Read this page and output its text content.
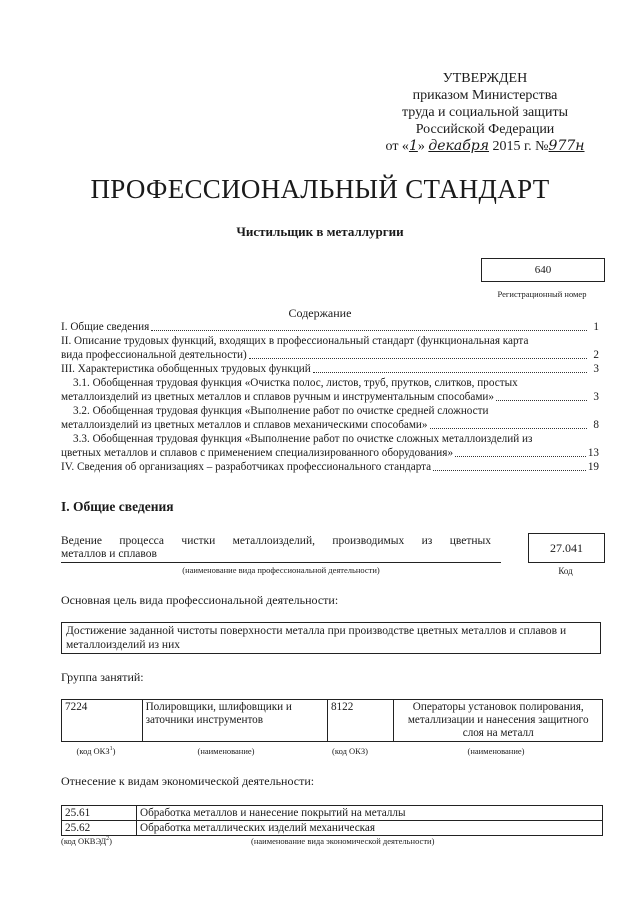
УТВЕРЖДЕН
приказом Министерства
труда и социальной защиты
Российской Федерации
от «1» декабря 2015 г. №977н
ПРОФЕССИОНАЛЬНЫЙ СТАНДАРТ
Чистильщик в металлургии
640
Регистрационный номер
Содержание
I. Общие сведения	1
II. Описание трудовых функций, входящих в профессиональный стандарт (функциональная карта
вида профессиональной деятельности)	2
III. Характеристика обобщенных трудовых функций	3
3.1. Обобщенная трудовая функция «Очистка полос, листов, труб, прутков, слитков, простых
металлоизделий из цветных металлов и сплавов ручным и инструментальным способами»	3
3.2. Обобщенная трудовая функция «Выполнение работ по очистке средней сложности
металлоизделий из цветных металлов и сплавов механическими способами»	8
3.3. Обобщенная трудовая функция «Выполнение работ по очистке сложных металлоизделий из
цветных металлов и сплавов с применением специализированного оборудования»	13
IV. Сведения об организациях – разработчиках профессионального стандарта	19
I. Общие сведения
Ведение процесса чистки металлоизделий, производимых из цветных
металлов и сплавов
(наименование вида профессиональной деятельности)
27.041
Код
Основная цель вида профессиональной деятельности:
Достижение заданной чистоты поверхности металла при производстве цветных металлов и сплавов и металлоизделий из них
Группа занятий:
7224	Полировщики, шлифовщики и заточники инструментов	8122	Операторы установок полирования, металлизации и нанесения защитного слоя на металл
(код ОКЗ$^1$)	(наименование)	(код ОКЗ)	(наименование)
Отнесение к видам экономической деятельности:
25.61	Обработка металлов и нанесение покрытий на металлы
25.62	Обработка металлических изделий механическая
(код ОКВЭД$^2$)	(наименование вида экономической деятельности)
